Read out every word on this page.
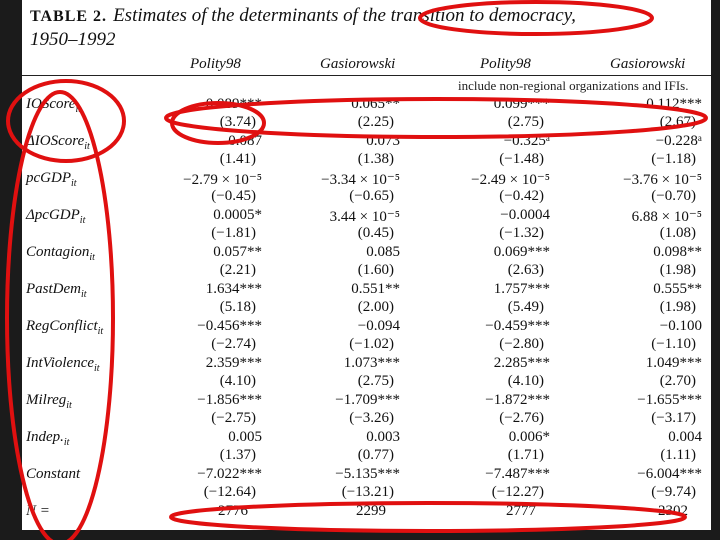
TABLE 2. Estimates of the determinants of the transition to democracy,
1950–1992
Polity98	Gasiorowski	Polity98	Gasiorowski
include non-regional organizations and IFIs.
IOScore$_{it}$	0.089***	0.065**	0.099***	0.112***
(3.74)	(2.25)	(2.75)	(2.67)
ΔIOScore$_{it}$	0.087	0.073	−0.325ᵃ	−0.228ᵃ
(1.41)	(1.38)	(−1.48)	(−1.18)
pcGDP$_{it}$	−2.79 × 10⁻⁵	−3.34 × 10⁻⁵	−2.49 × 10⁻⁵	−3.76 × 10⁻⁵
(−0.45)	(−0.65)	(−0.42)	(−0.70)
ΔpcGDP$_{it}$	0.0005*	3.44 × 10⁻⁵	−0.0004	6.88 × 10⁻⁵
(−1.81)	(0.45)	(−1.32)	(1.08)
Contagion$_{it}$	0.057**	0.085	0.069***	0.098**
(2.21)	(1.60)	(2.63)	(1.98)
PastDem$_{it}$	1.634***	0.551**	1.757***	0.555**
(5.18)	(2.00)	(5.49)	(1.98)
RegConflict$_{it}$	−0.456***	−0.094	−0.459***	−0.100
(−2.74)	(−1.02)	(−2.80)	(−1.10)
IntViolence$_{it}$	2.359***	1.073***	2.285***	1.049***
(4.10)	(2.75)	(4.10)	(2.70)
Milreg$_{it}$	−1.856***	−1.709***	−1.872***	−1.655***
(−2.75)	(−3.26)	(−2.76)	(−3.17)
$Indep._{it}$	0.005	0.003	0.006*	0.004
(1.37)	(0.77)	(1.71)	(1.11)
Constant	−7.022***	−5.135***	−7.487***	−6.004***
(−12.64)	(−13.21)	(−12.27)	(−9.74)
N =	2776	2299	2777	2302
